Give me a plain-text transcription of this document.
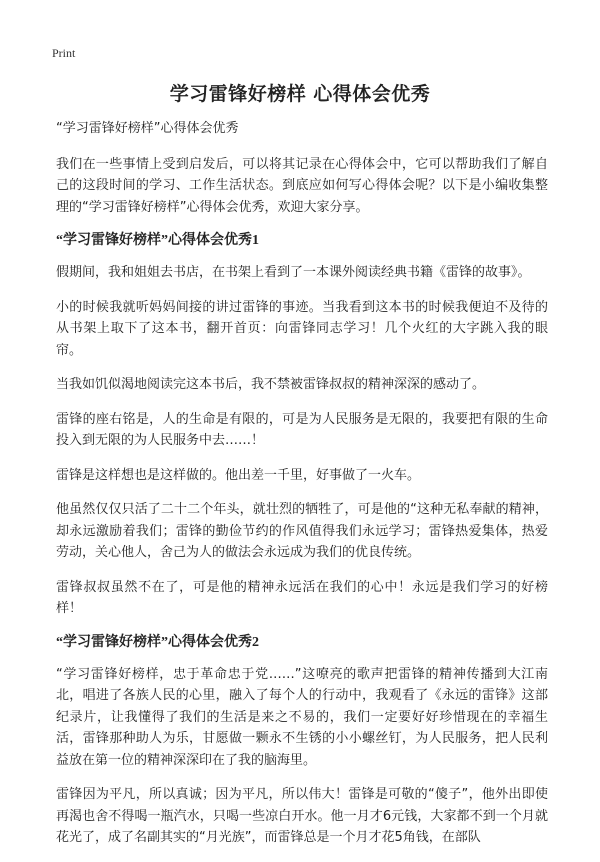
Print
学习雷锋好榜样 心得体会优秀

“学习雷锋好榜样”心得体会优秀

我们在一些事情上受到启发后，可以将其记录在心得体会中，它可以帮助我们了解自己的这段时间的学习、工作生活状态。到底应如何写心得体会呢？以下是小编收集整理的“学习雷锋好榜样”心得体会优秀，欢迎大家分享。

“学习雷锋好榜样”心得体会优秀1

假期间，我和姐姐去书店，在书架上看到了一本课外阅读经典书籍《雷锋的故事》。

小的时候我就听妈妈间接的讲过雷锋的事迹。当我看到这本书的时候我便迫不及待的从书架上取下了这本书，翻开首页：向雷锋同志学习！几个火红的大字跳入我的眼帘。

当我如饥似渴地阅读完这本书后，我不禁被雷锋叔叔的精神深深的感动了。

雷锋的座右铭是，人的生命是有限的，可是为人民服务是无限的，我要把有限的生命投入到无限的为人民服务中去……！

雷锋是这样想也是这样做的。他出差一千里，好事做了一火车。

他虽然仅仅只活了二十二个年头，就壮烈的牺牲了，可是他的“这种无私奉献的精神，却永远激励着我们；雷锋的勤俭节约的作风值得我们永远学习；雷锋热爱集体，热爱劳动，关心他人，舍己为人的做法会永远成为我们的优良传统。

雷锋叔叔虽然不在了，可是他的精神永远活在我们的心中！永远是我们学习的好榜样！

“学习雷锋好榜样”心得体会优秀2

“学习雷锋好榜样，忠于革命忠于党……”这嘹亮的歌声把雷锋的精神传播到大江南北，唱进了各族人民的心里，融入了每个人的行动中，我观看了《永远的雷锋》这部纪录片，让我懂得了我们的生活是来之不易的，我们一定要好好珍惜现在的幸福生活，雷锋那种助人为乐，甘愿做一颗永不生锈的小小螺丝钉，为人民服务，把人民利益放在第一位的精神深深印在了我的脑海里。

雷锋因为平凡，所以真诚；因为平凡，所以伟大！雷锋是可敬的“傻子”，他外出即使再渴也舍不得喝一瓶汽水，只喝一些凉白开水。他一月才6元钱，大家都不到一个月就花光了，成了名副其实的“月光族”，而雷锋总是一个月才花5角钱，在部队
